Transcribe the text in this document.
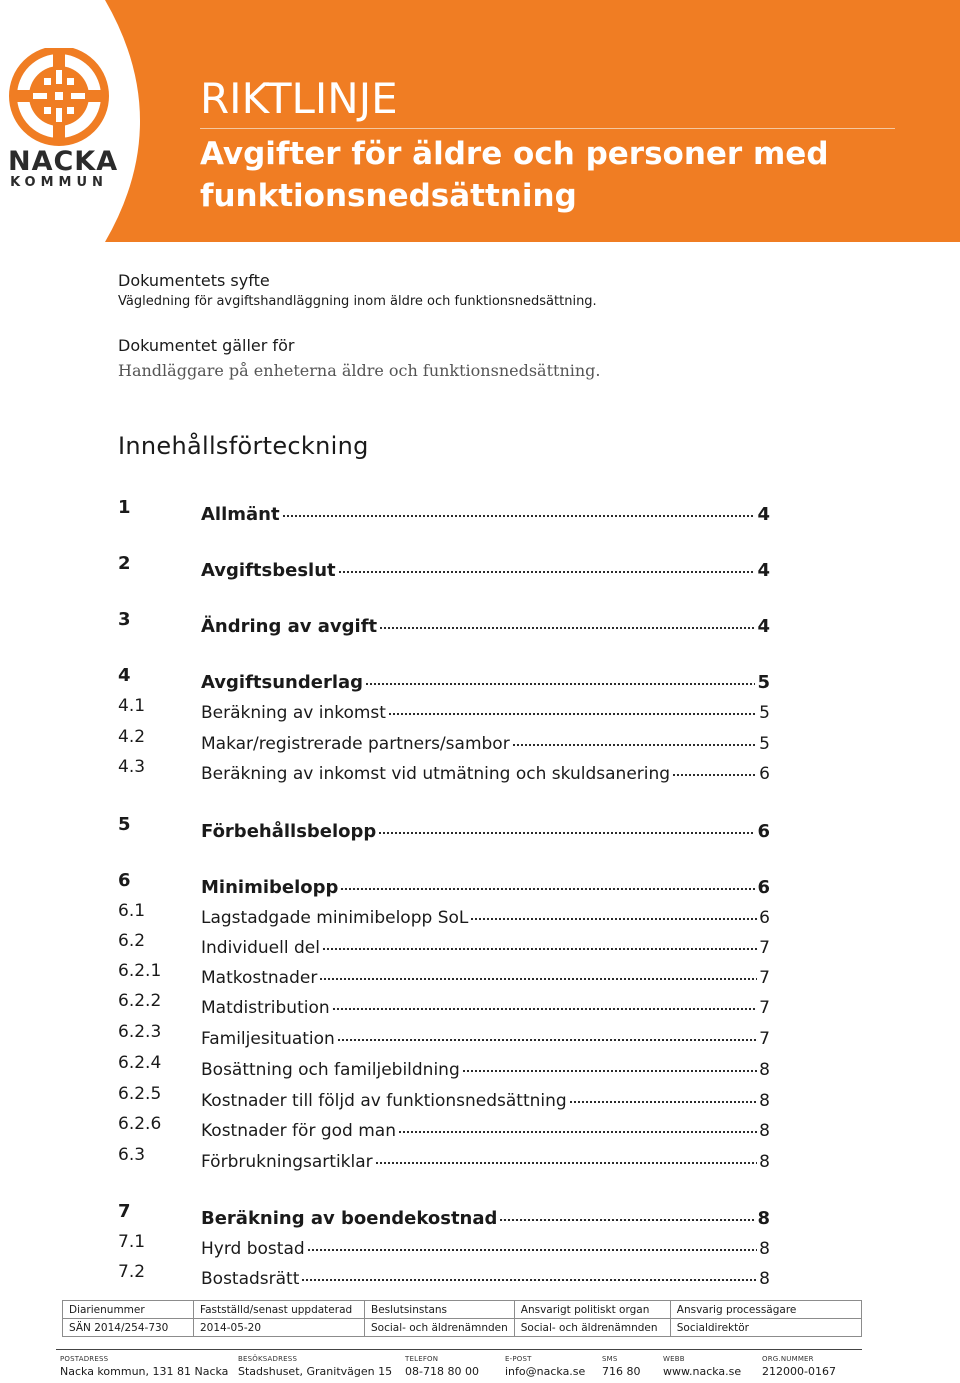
NACKA
KOMMUN
RIKTLINJE
Avgifter för äldre och personer med funktionsnedsättning
Dokumentets syfte
Vägledning för avgiftshandläggning inom äldre och funktionsnedsättning.
Dokumentet gäller för
Handläggare på enheterna äldre och funktionsnedsättning.
Innehållsförteckning
1	Allmänt	4
2	Avgiftsbeslut	4
3	Ändring av avgift	4
4	Avgiftsunderlag	5
4.1	Beräkning av inkomst	5
4.2	Makar/registrerade partners/sambor	5
4.3	Beräkning av inkomst vid utmätning och skuldsanering	6
5	Förbehållsbelopp	6
6	Minimibelopp	6
6.1	Lagstadgade minimibelopp SoL	6
6.2	Individuell del	7
6.2.1 Matkostnader	7
6.2.2 Matdistribution	7
6.2.3 Familjesituation	7
6.2.4 Bosättning och familjebildning	8
6.2.5 Kostnader till följd av funktionsnedsättning	8
6.2.6 Kostnader för god man	8
6.3	Förbrukningsartiklar	8
7	Beräkning av boendekostnad	8
7.1	Hyrd bostad	8
7.2	Bostadsrätt	8
Diarienummer	Fastställd/senast uppdaterad	Beslutsinstans	Ansvarigt politiskt organ	Ansvarig processägare
SÄN 2014/254-730	2014-05-20	Social- och äldrenämnden	Social- och äldrenämnden	Socialdirektör
POSTADRESS
Nacka kommun, 131 81 Nacka
BESÖKSADRESS
Stadshuset, Granitvägen 15
TELEFON
08-718 80 00
E-POST
info@nacka.se
SMS
716 80
WEBB
www.nacka.se
ORG.NUMMER
212000-0167
